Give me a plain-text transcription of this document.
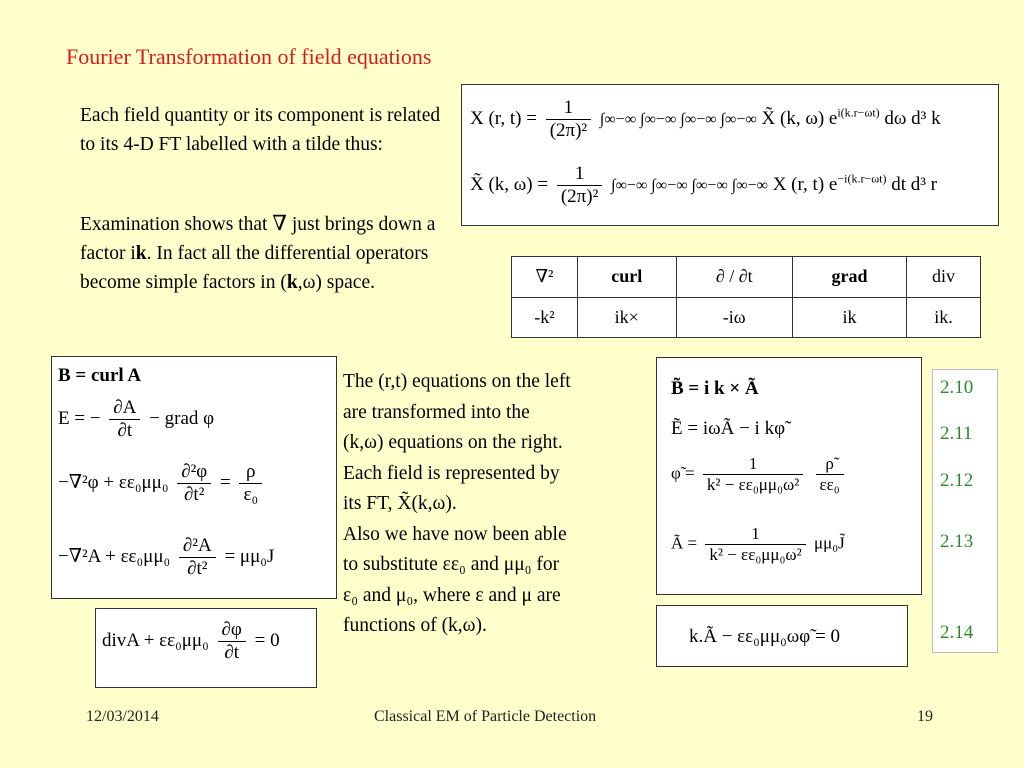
Fourier Transformation of field equations
Each field quantity or its component is related to its 4-D FT labelled with a tilde thus:
Examination shows that ∇ just brings down a factor ik. In fact all the differential operators become simple factors in (k,ω) space.
X (r, $t) = \frac{1}{\text{(2π)²}}$ ∫∞−∞ ∫∞−∞ ∫∞−∞ ∫∞−∞ X̃ (k, ω) $e^{i(k.r-\omega t)}$ dω d³ k
X̃ (k, $\omega) = \frac{1}{\text{(2π)²}}$ ∫∞−∞ ∫∞−∞ ∫∞−∞ ∫∞−∞ X (r, t) $e^{-i(k.r-\omega t)}$ dt d³ r
∇²	curl	∂ / ∂t	grad	div
-k²	ik×	-iω	ik	ik.
B = curl A
E = − $\frac{\partial A}{\partial t}$ − grad φ
$-\nabla^2\varphi + \varepsilon\varepsilon_0\mu\mu_0 \frac{\text{∂²φ}}{\text{∂t²}} = \frac{\rho}{\text{ε₀}}$
$-\nabla^2A + \varepsilon\varepsilon_0\mu\mu_0 \frac{\text{∂²A}}{\text{∂t²}} = \mu\mu_0J$
divA + $\varepsilon\varepsilon_0\mu\mu_0 \frac{\partial\varphi}{\partial t} = 0$
The (r,t) equations on the left
are transformed into the
(k,ω) equations on the right.
Each field is represented by
its FT, X̃(k,ω).
Also we have now been able
to substitute εε₀ and μμ₀ for
ε₀ and μ₀, where ε and μ are
functions of (k,ω).
B̃ = i k × Ã
Ẽ = iωÃ − i kφ̃
φ̃ = $\frac{1}{\text{k² − εε₀μμ₀ω²}}$
$\frac{\rhõ}{\text{εε₀}}$
Ã = $\frac{1}{\text{k² − εε₀μμ₀ω²}}$ μμ₀J̃
k.Ã − εε₀μμ₀ωφ̃ = 0
2.10
2.11
2.12
2.13
2.14
12/03/2014	Classical EM of Particle Detection	19
